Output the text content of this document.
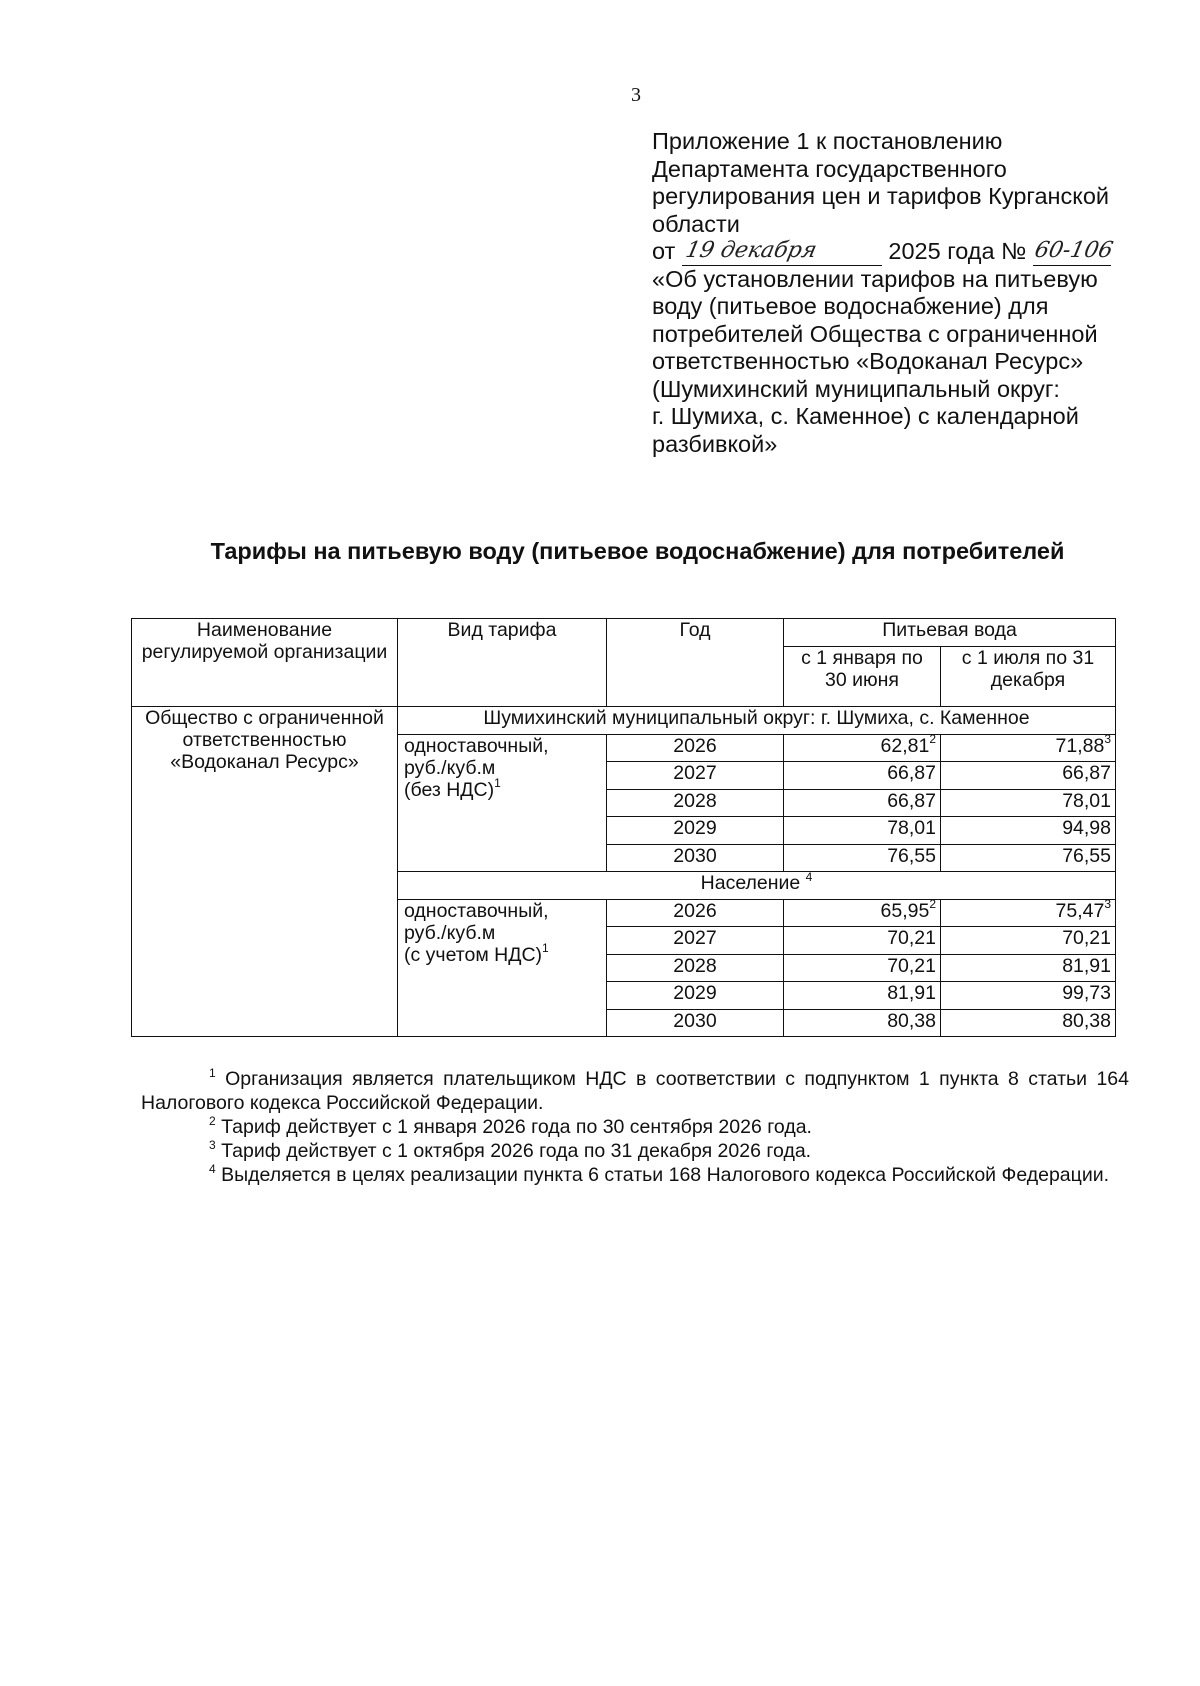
3
Приложение 1 к постановлению
Департамента государственного
регулирования цен и тарифов Курганской
области
от 19 декабря	2025 года № 60-106
«Об установлении тарифов на питьевую
воду (питьевое водоснабжение) для
потребителей Общества с ограниченной
ответственностью «Водоканал Ресурс»
(Шумихинский муниципальный округ:
г. Шумиха, с. Каменное) с календарной
разбивкой»
Тарифы на питьевую воду (питьевое водоснабжение) для потребителей
Наименование регулируемой организации	Вид тарифа	Год	Питьевая вода	
			с 1 января по 30 июня	с 1 июля по 31 декабря
Общество с ограниченной ответственностью «Водоканал Ресурс»	Шумихинский муниципальный округ: г. Шумиха, с. Каменное			
	одноставочный,
руб./куб.м
(без НДС)$^1$	2026	62,81$^2$	71,88$^3$
		2027	66,87	66,87
		2028	66,87	78,01
		2029	78,01	94,98
		2030	76,55	76,55
	Население $^4$
	одноставочный,
руб./куб.м
(с учетом НДС)$^1$	2026	65,95$^2$	75,47$^3$
		2027	70,21	70,21
		2028	70,21	81,91
		2029	81,91	99,73
		2030	80,38	80,38
$^1$ Организация является плательщиком НДС в соответствии с подпунктом 1 пункта 8 статьи 164 Налогового кодекса Российской Федерации.
$^2$ Тариф действует с 1 января 2026 года по 30 сентября 2026 года.
$^3$ Тариф действует с 1 октября 2026 года по 31 декабря 2026 года.
$^4$ Выделяется в целях реализации пункта 6 статьи 168 Налогового кодекса Российской Федерации.
